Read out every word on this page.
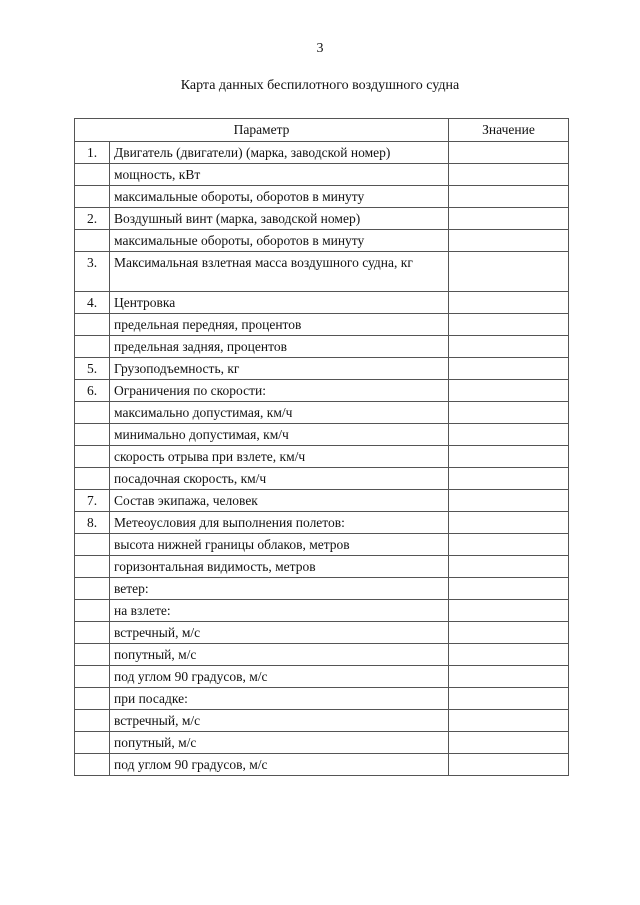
3
Карта данных беспилотного воздушного судна
Параметр		Значение
1.	Двигатель (двигатели) (марка, заводской номер)	
	мощность, кВт	
	максимальные обороты, оборотов в минуту	
2.	Воздушный винт (марка, заводской номер)	
	максимальные обороты, оборотов в минуту	
3.	Максимальная взлетная масса воздушного судна, кг	
4.	Центровка	
	предельная передняя, процентов	
	предельная задняя, процентов	
5.	Грузоподъемность, кг	
6.	Ограничения по скорости:	
	максимально допустимая, км/ч	
	минимально допустимая, км/ч	
	скорость отрыва при взлете, км/ч	
	посадочная скорость, км/ч	
7.	Состав экипажа, человек	
8.	Метеоусловия для выполнения полетов:	
	высота нижней границы облаков, метров	
	горизонтальная видимость, метров	
	ветер:	
	на взлете:	
	встречный, м/с	
	попутный, м/с	
	под углом 90 градусов, м/с	
	при посадке:	
	встречный, м/с	
	попутный, м/с	
	под углом 90 градусов, м/с	
